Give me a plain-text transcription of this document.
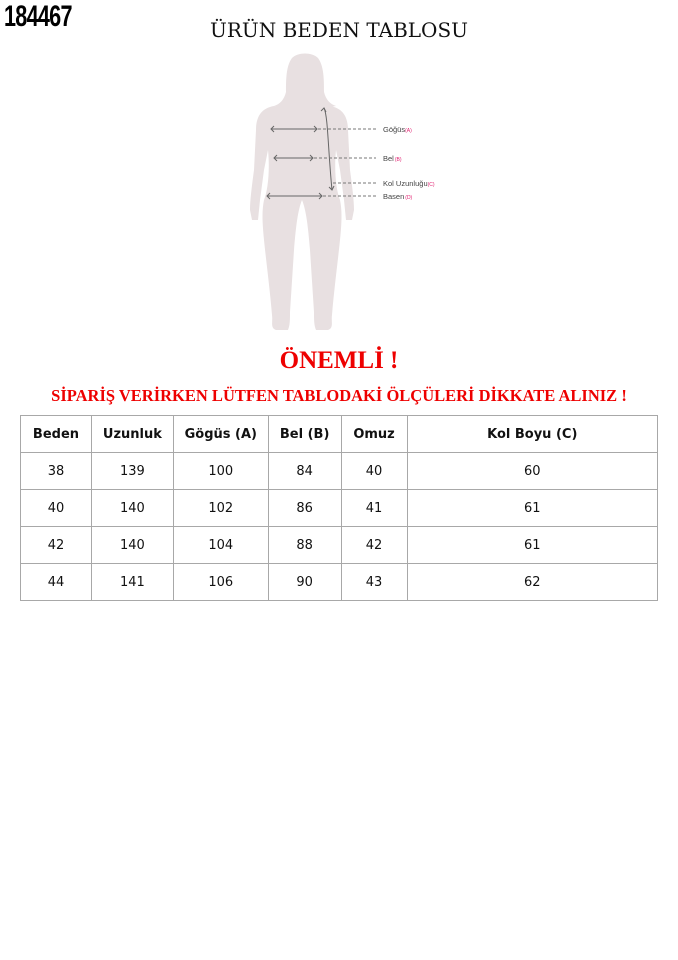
184467	ÜRÜN BEDEN TABLOSU
Göğüs(A)
Bel(B)
Kol Uzunluğu(C)
Basen(D)
ÖNEMLİ !
SİPARİŞ VERİRKEN LÜTFEN TABLODAKİ ÖLÇÜLERİ DİKKATE ALINIZ !
Beden	Uzunluk	Gögüs (A)	Bel (B)	Omuz	Kol Boyu (C)
38	139	100	84	40	60
40	140	102	86	41	61
42	140	104	88	42	61
44	141	106	90	43	62
